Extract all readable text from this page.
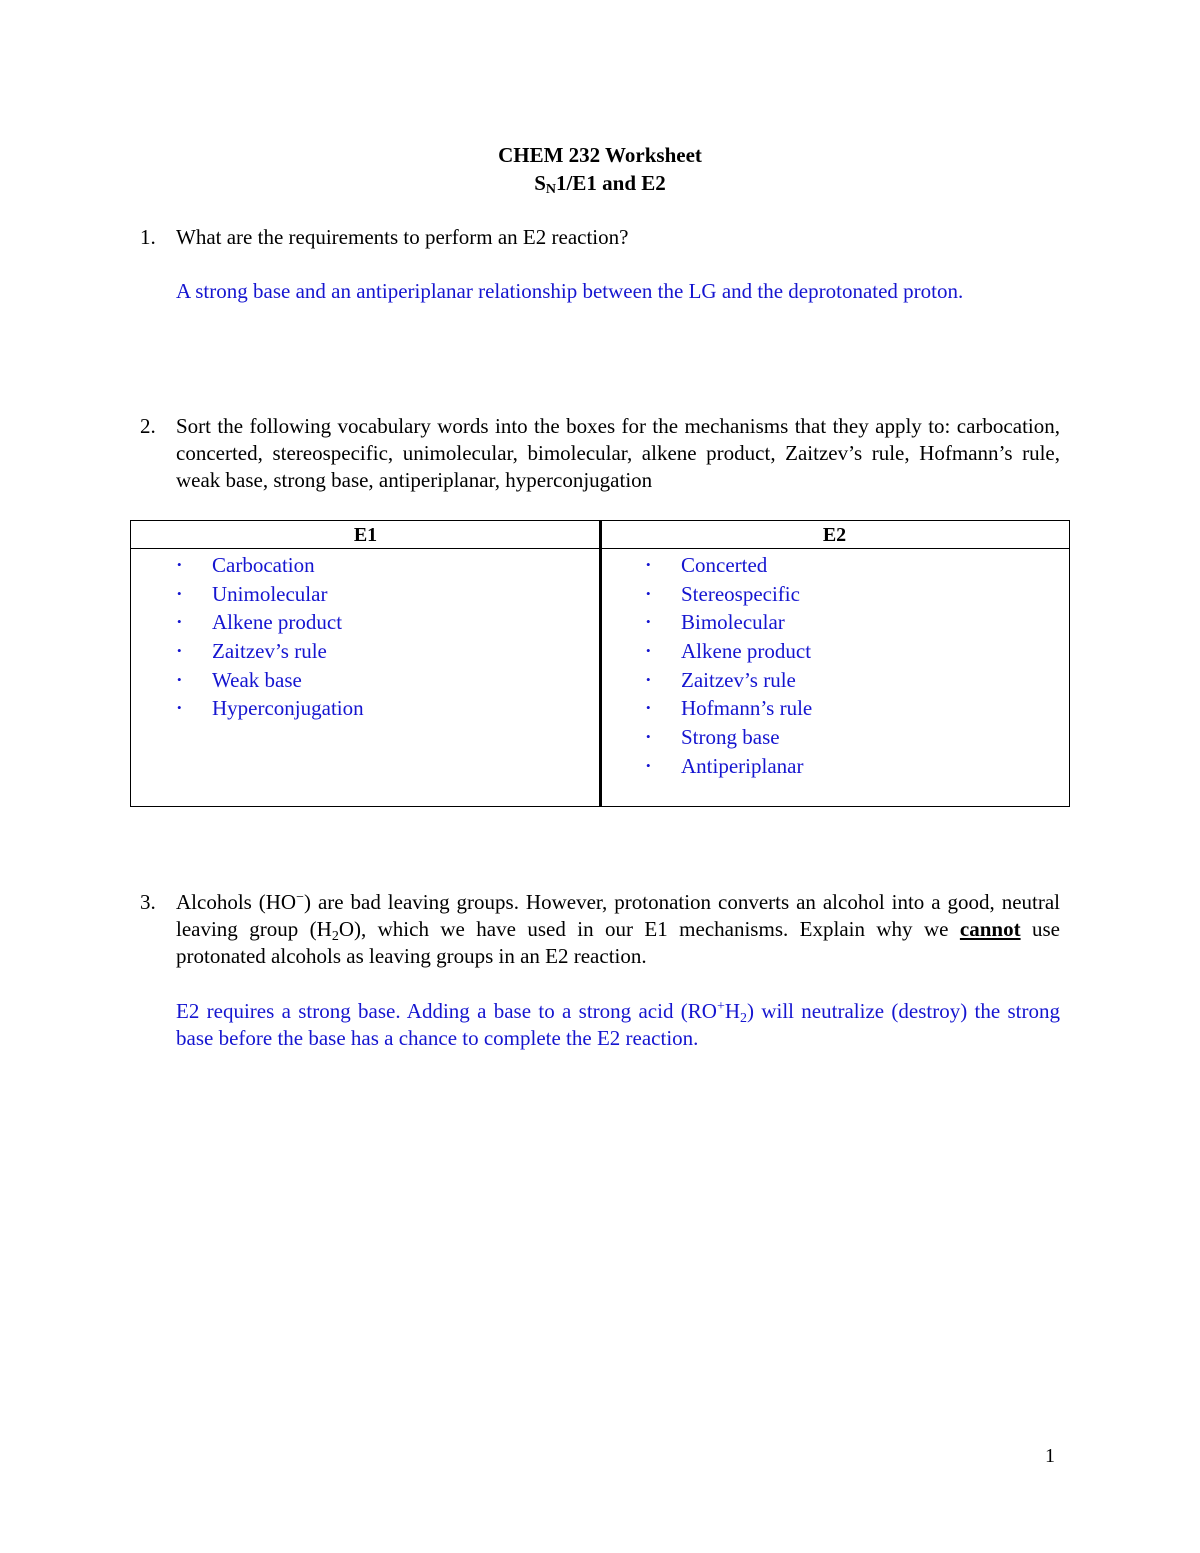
CHEM 232 Worksheet
$S_N1/E1$ and E2
1. What are the requirements to perform an E2 reaction?
A strong base and an antiperiplanar relationship between the LG and the deprotonated proton.
2. Sort the following vocabulary words into the boxes for the mechanisms that they apply to: carbocation, concerted, stereospecific, unimolecular, bimolecular, alkene product, Zaitzev’s rule, Hofmann’s rule, weak base, strong base, antiperiplanar, hyperconjugation
E1	E2
• Carbocation
• Unimolecular
• Alkene product
• Zaitzev’s rule
• Weak base
• Hyperconjugation
• Concerted
• Stereospecific
• Bimolecular
• Alkene product
• Zaitzev’s rule
• Hofmann’s rule
• Strong base
• Antiperiplanar
3. Alcohols (HO−) are bad leaving groups. However, protonation converts an alcohol into a good, neutral leaving group $(H_2O)$, which we have used in our E1 mechanisms. Explain why we cannot use protonated alcohols as leaving groups in an E2 reaction.
E2 requires a strong base. Adding a base to a strong acid $(RO^+H_2)$ will neutralize (destroy) the strong base before the base has a chance to complete the E2 reaction.
1
